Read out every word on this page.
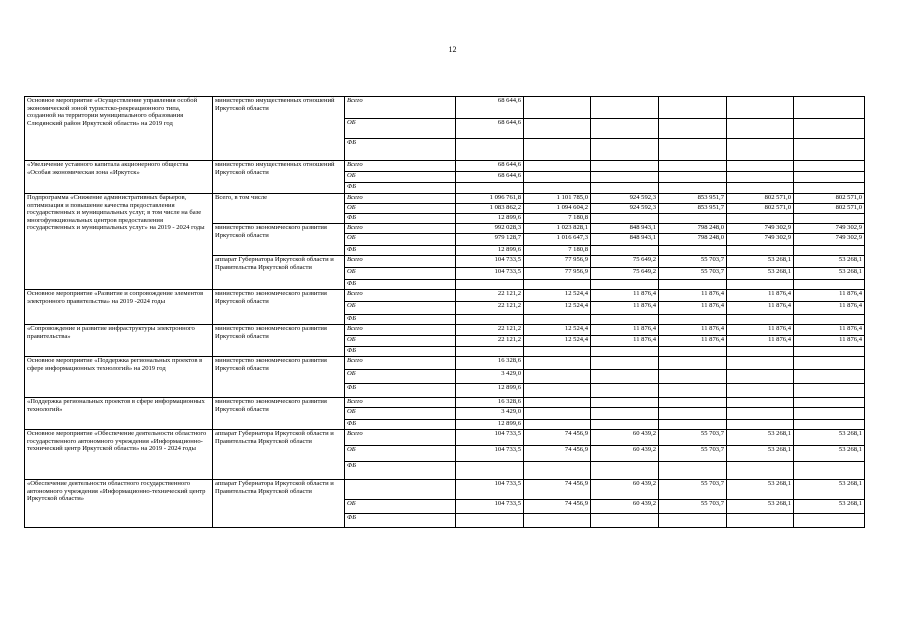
12
Основное мероприятие «Осуществление управления особой экономической зоной туристско-рекреационного типа, созданной на территории муниципального образования Слюдянский район Иркутской области» на 2019 год	министерство имущественных отношений Иркутской области	Всего	68 644,6					
		ОБ	68 644,6					
		ФБ						
«Увеличение уставного капитала акционерного общества «Особая экономическая зона «Иркутск»	министерство имущественных отношений Иркутской области	Всего	68 644,6					
		ОБ	68 644,6					
		ФБ						
Подпрограмма «Снижение административных барьеров, оптимизация и повышение качества предоставления государственных и муниципальных услуг, в том числе на базе многофункциональных центров предоставления государственных и муниципальных услуг» на 2019 - 2024 годы	Всего, в том числе	Всего	1 096 761,8	1 101 785,0	924 592,3	853 951,7	802 571,0	802 571,0
		ОБ	1 083 862,2	1 094 604,2	924 592,3	853 951,7	802 571,0	802 571,0
		ФБ	12 899,6	7 180,8				
	министерство экономического развития Иркутской области	Всего	992 028,3	1 023 828,1	848 943,1	798 248,0	749 302,9	749 302,9
		ОБ	979 128,7	1 016 647,3	848 943,1	798 248,0	749 302,9	749 302,9
		ФБ	12 899,6	7 180,8				
	аппарат Губернатора Иркутской области и Правительства Иркутской области	Всего	104 733,5	77 956,9	75 649,2	55 703,7	53 268,1	53 268,1
		ОБ	104 733,5	77 956,9	75 649,2	55 703,7	53 268,1	53 268,1
		ФБ						
Основное мероприятие «Развитие и сопровождение элементов электронного правительства» на 2019 -2024 годы	министерство экономического развития Иркутской области	Всего	22 121,2	12 524,4	11 876,4	11 876,4	11 876,4	11 876,4
		ОБ	22 121,2	12 524,4	11 876,4	11 876,4	11 876,4	11 876,4
		ФБ						
«Сопровождение и развитие инфраструктуры электронного правительства»	министерство экономического развития Иркутской области	Всего	22 121,2	12 524,4	11 876,4	11 876,4	11 876,4	11 876,4
		ОБ	22 121,2	12 524,4	11 876,4	11 876,4	11 876,4	11 876,4
		ФБ						
Основное мероприятие «Поддержка региональных проектов в сфере информационных технологий» на 2019 год	министерство экономического развития Иркутской области	Всего	16 328,6					
		ОБ	3 429,0					
		ФБ	12 899,6					
«Поддержка региональных проектов в сфере информационных технологий»	министерство экономического развития Иркутской области	Всего	16 328,6					
		ОБ	3 429,0					
		ФБ	12 899,6					
Основное мероприятие «Обеспечение деятельности областного государственного автономного учреждения «Информационно-технический центр Иркутской области» на 2019 - 2024 годы	аппарат Губернатора Иркутской области и Правительства Иркутской области	Всего	104 733,5	74 456,9	60 439,2	55 703,7	53 268,1	53 268,1
		ОБ	104 733,5	74 456,9	60 439,2	55 703,7	53 268,1	53 268,1
		ФБ						
«Обеспечение деятельности областного государственного автономного учреждения «Информационно-технический центр Иркутской области»	аппарат Губернатора Иркутской области и Правительства Иркутской области		104 733,5	74 456,9	60 439,2	55 703,7	53 268,1	53 268,1
		ОБ	104 733,5	74 456,9	60 439,2	55 703,7	53 268,1	53 268,1
		ФБ						
